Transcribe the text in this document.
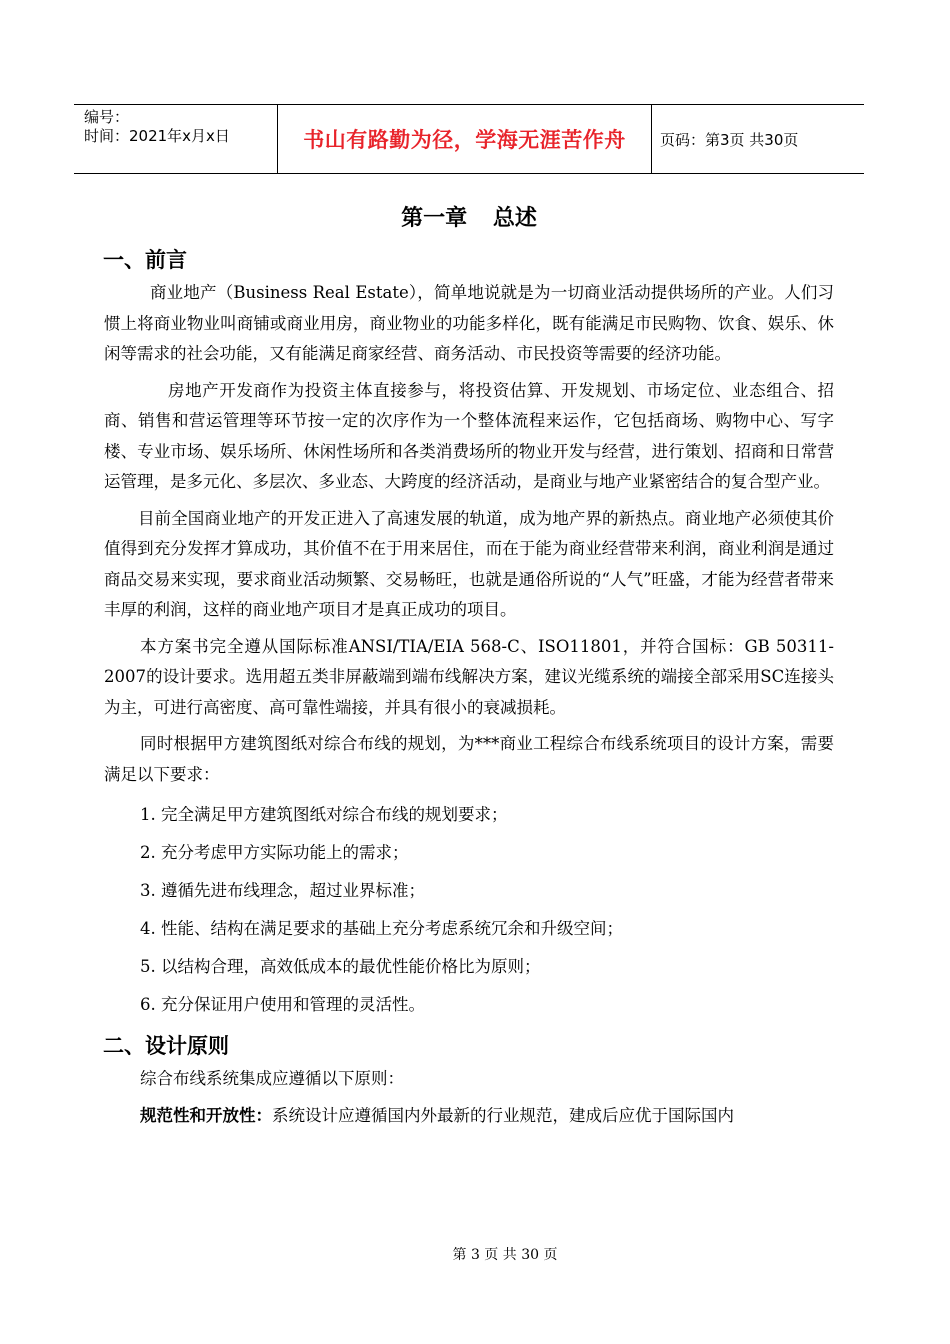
编号：
时间：2021年x月x日	书山有路勤为径，学海无涯苦作舟	页码：第3页 共30页
第一章 总述
一、前言

商业地产（Business Real Estate），简单地说就是为一切商业活动提供场所的产业。人们习惯上将商业物业叫商铺或商业用房，商业物业的功能多样化，既有能满足市民购物、饮食、娱乐、休闲等需求的社会功能，又有能满足商家经营、商务活动、市民投资等需要的经济功能。

房地产开发商作为投资主体直接参与，将投资估算、开发规划、市场定位、业态组合、招商、销售和营运管理等环节按一定的次序作为一个整体流程来运作，它包括商场、购物中心、写字楼、专业市场、娱乐场所、休闲性场所和各类消费场所的物业开发与经营，进行策划、招商和日常营运管理，是多元化、多层次、多业态、大跨度的经济活动，是商业与地产业紧密结合的复合型产业。

目前全国商业地产的开发正进入了高速发展的轨道，成为地产界的新热点。商业地产必须使其价值得到充分发挥才算成功，其价值不在于用来居住，而在于能为商业经营带来利润，商业利润是通过商品交易来实现，要求商业活动频繁、交易畅旺，也就是通俗所说的“人气”旺盛，才能为经营者带来丰厚的利润，这样的商业地产项目才是真正成功的项目。

本方案书完全遵从国际标准ANSI/TIA/EIA 568-C、ISO11801，并符合国标：GB 50311-2007的设计要求。选用超五类非屏蔽端到端布线解决方案，建议光缆系统的端接全部采用SC连接头为主，可进行高密度、高可靠性端接，并具有很小的衰减损耗。

同时根据甲方建筑图纸对综合布线的规划，为***商业工程综合布线系统项目的设计方案，需要满足以下要求：

1. 完全满足甲方建筑图纸对综合布线的规划要求；

2. 充分考虑甲方实际功能上的需求；

3. 遵循先进布线理念，超过业界标准；

4. 性能、结构在满足要求的基础上充分考虑系统冗余和升级空间；

5. 以结构合理，高效低成本的最优性能价格比为原则；

6. 充分保证用户使用和管理的灵活性。

二、设计原则

综合布线系统集成应遵循以下原则：

规范性和开放性：系统设计应遵循国内外最新的行业规范，建成后应优于国际国内

第 3 页 共 30 页
